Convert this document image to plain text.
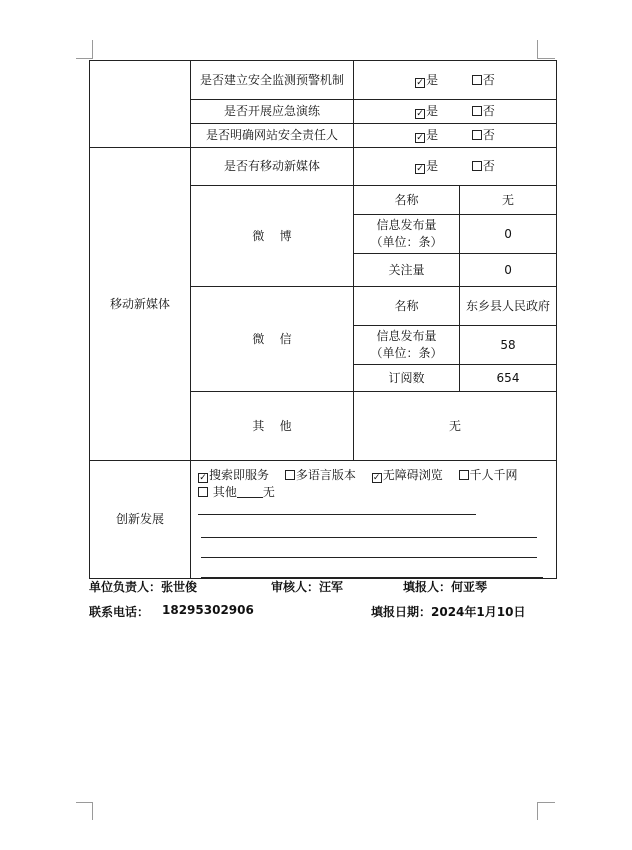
	是否建立安全监测预警机制	✓ 是 否	
	是否开展应急演练	✓ 是 否	
	是否明确网站安全责任人	✓ 是 否	
移动新媒体	是否有移动新媒体	✓ 是 否	
	微    博	名称	无
		信息发布量
（单位：条）	0
		关注量	0
	微    信	名称	东乡县人民政府
		信息发布量
（单位：条）	58
		订阅数	654
	其    他	无	
创新发展	✓ 搜索即服务 多语言版本 ✓ 无障碍浏览 千人千网
其他 无		
单位负责人：张世俊	审核人：汪军	填报人：何亚琴
联系电话： 18295302906	填报日期：2024年1月10日
